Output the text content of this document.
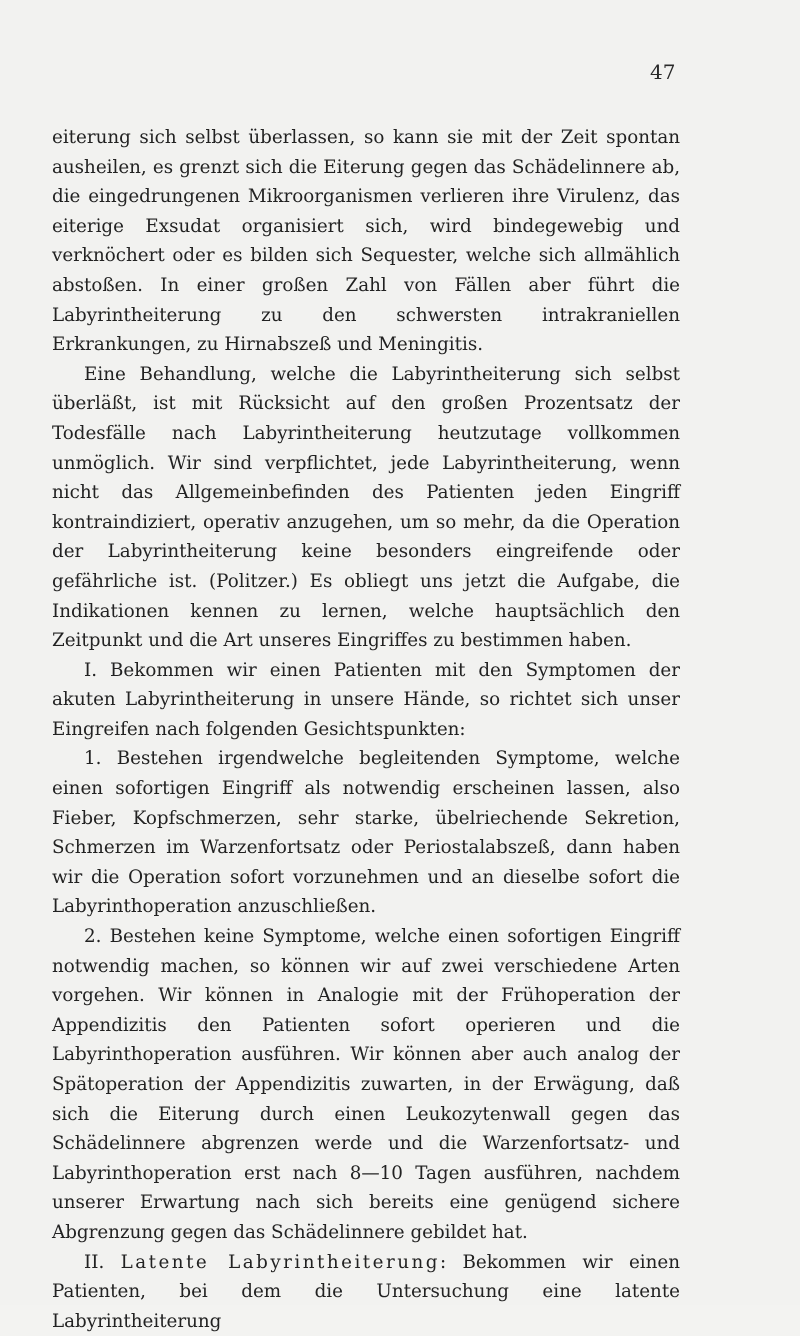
47

eiterung sich selbst überlassen, so kann sie mit der Zeit spontan ausheilen, es grenzt sich die Eiterung gegen das Schädelinnere ab, die eingedrungenen Mikroorganismen verlieren ihre Virulenz, das eiterige Exsudat organisiert sich, wird bindegewebig und verknöchert oder es bilden sich Sequester, welche sich allmählich abstoßen. In einer großen Zahl von Fällen aber führt die Labyrintheiterung zu den schwersten intrakraniellen Erkrankungen, zu Hirnabszeß und Meningitis.

Eine Behandlung, welche die Labyrintheiterung sich selbst überläßt, ist mit Rücksicht auf den großen Prozentsatz der Todesfälle nach Labyrintheiterung heutzutage vollkommen unmöglich. Wir sind verpflichtet, jede Labyrintheiterung, wenn nicht das Allgemeinbefinden des Patienten jeden Eingriff kontraindiziert, operativ anzugehen, um so mehr, da die Operation der Labyrintheiterung keine besonders eingreifende oder gefährliche ist. (Politzer.) Es obliegt uns jetzt die Aufgabe, die Indikationen kennen zu lernen, welche hauptsächlich den Zeitpunkt und die Art unseres Eingriffes zu bestimmen haben.

I. Bekommen wir einen Patienten mit den Symptomen der akuten Labyrintheiterung in unsere Hände, so richtet sich unser Eingreifen nach folgenden Gesichtspunkten:

1. Bestehen irgendwelche begleitenden Symptome, welche einen sofortigen Eingriff als notwendig erscheinen lassen, also Fieber, Kopfschmerzen, sehr starke, übelriechende Sekretion, Schmerzen im Warzenfortsatz oder Periostalabszeß, dann haben wir die Operation sofort vorzunehmen und an dieselbe sofort die Labyrinthoperation anzuschließen.

2. Bestehen keine Symptome, welche einen sofortigen Eingriff notwendig machen, so können wir auf zwei verschiedene Arten vorgehen. Wir können in Analogie mit der Frühoperation der Appendizitis den Patienten sofort operieren und die Labyrinthoperation ausführen. Wir können aber auch analog der Spätoperation der Appendizitis zuwarten, in der Erwägung, daß sich die Eiterung durch einen Leukozytenwall gegen das Schädelinnere abgrenzen werde und die Warzenfortsatz- und Labyrinthoperation erst nach 8—10 Tagen ausführen, nachdem unserer Erwartung nach sich bereits eine genügend sichere Abgrenzung gegen das Schädelinnere gebildet hat.

II. Latente Labyrintheiterung: Bekommen wir einen Patienten, bei dem die Untersuchung eine latente Labyrintheiterung
